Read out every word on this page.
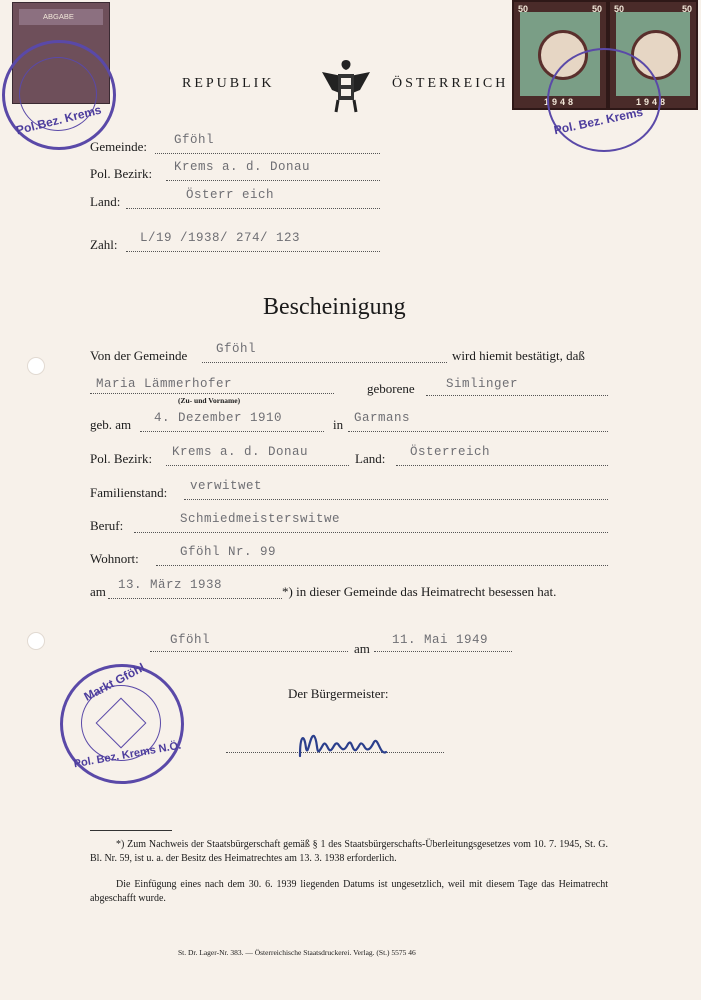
ABGABE
Pol.Bez. Krems
REPUBLIK	ÖSTERREICH
50	50
1948
50	50
1948
Pol. Bez. Krems
Gemeinde: Gföhl
Pol. Bezirk: Krems a. d. Donau
Land:	Österr eich
Zahl: L/19 /1938/ 274/ 123
Bescheinigung
Von der Gemeinde Gföhl	wird hiemit bestätigt, daß
Maria Lämmerhofer
(Zu- und Vorname)
geborene	Simlinger
geb. am 4. Dezember 1910	in Garmans
Pol. Bezirk: Krems a. d. Donau	Land: Österreich
Familienstand: verwitwet
Beruf:	Schmiedmeisterswitwe
Wohnort:	Gföhl Nr. 99
am 13. März 1938	*) in dieser Gemeinde das Heimatrecht besessen hat.
Gföhl
am
11. Mai 1949
Der Bürgermeister:
Markt Gföhl
Pol. Bez. Krems N.Ö.
*) Zum Nachweis der Staatsbürgerschaft gemäß § 1 des Staatsbürgerschafts-Überleitungsgesetzes vom 10. 7. 1945, St. G. Bl. Nr. 59, ist u. a. der Besitz des Heimatrechtes am 13. 3. 1938 erforderlich.
Die Einfügung eines nach dem 30. 6. 1939 liegenden Datums ist ungesetzlich, weil mit diesem Tage das Heimatrecht abgeschafft wurde.
St. Dr. Lager-Nr. 383. — Österreichische Staatsdruckerei. Verlag. (St.) 5575 46
